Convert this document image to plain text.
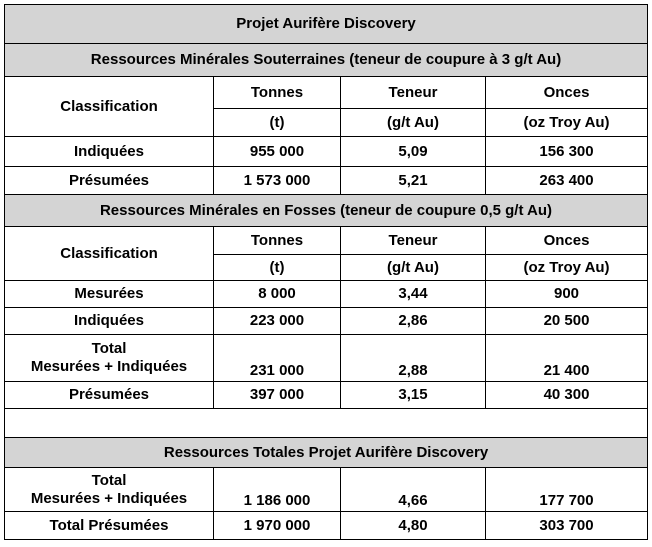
Projet Aurifère Discovery			
Ressources Minérales Souterraines (teneur de coupure à 3 g/t Au)			
Classification	Tonnes	Teneur	Onces
	(t)	(g/t Au)	(oz Troy Au)
Indiquées	955 000	5,09	156 300
Présumées	1 573 000	5,21	263 400
Ressources Minérales en Fosses (teneur de coupure 0,5 g/t Au)			
Classification	Tonnes	Teneur	Onces
	(t)	(g/t Au)	(oz Troy Au)
Mesurées	8 000	3,44	900
Indiquées	223 000	2,86	20 500

Total
Mesurées + Indiquées	231 000	2,88	21 400
Présumées	397 000	3,15	40 300

Ressources Totales Projet Aurifère Discovery			

Total
Mesurées + Indiquées	1 186 000	4,66	177 700
Total Présumées	1 970 000	4,80	303 700
